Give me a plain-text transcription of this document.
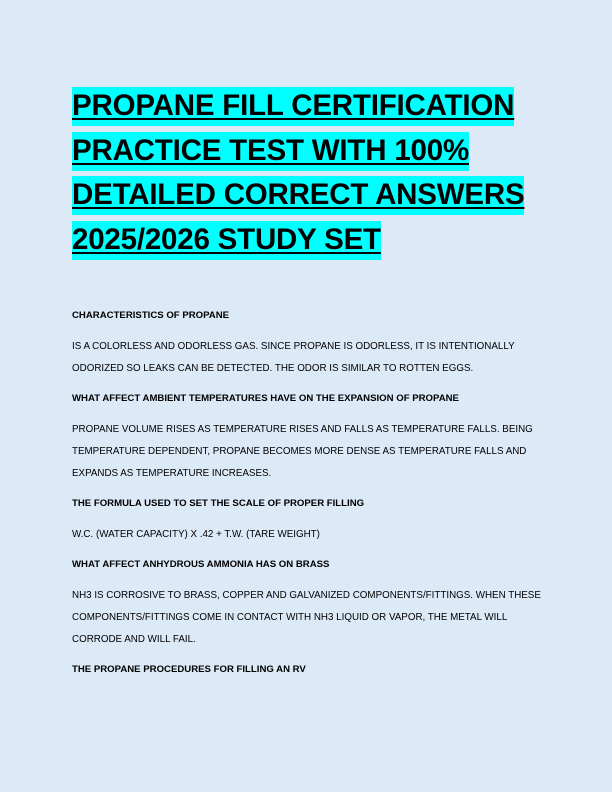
PROPANE FILL CERTIFICATION PRACTICE TEST WITH 100% DETAILED CORRECT ANSWERS 2025/2026 STUDY SET

CHARACTERISTICS OF PROPANE

IS A COLORLESS AND ODORLESS GAS. SINCE PROPANE IS ODORLESS, IT IS INTENTIONALLY ODORIZED SO LEAKS CAN BE DETECTED. THE ODOR IS SIMILAR TO ROTTEN EGGS.

WHAT AFFECT AMBIENT TEMPERATURES HAVE ON THE EXPANSION OF PROPANE

PROPANE VOLUME RISES AS TEMPERATURE RISES AND FALLS AS TEMPERATURE FALLS. BEING TEMPERATURE DEPENDENT, PROPANE BECOMES MORE DENSE AS TEMPERATURE FALLS AND EXPANDS AS TEMPERATURE INCREASES.

THE FORMULA USED TO SET THE SCALE OF PROPER FILLING

W.C. (WATER CAPACITY) X .42 + T.W. (TARE WEIGHT)

WHAT AFFECT ANHYDROUS AMMONIA HAS ON BRASS

NH3 IS CORROSIVE TO BRASS, COPPER AND GALVANIZED COMPONENTS/FITTINGS. WHEN THESE COMPONENTS/FITTINGS COME IN CONTACT WITH NH3 LIQUID OR VAPOR, THE METAL WILL CORRODE AND WILL FAIL.

THE PROPANE PROCEDURES FOR FILLING AN RV
